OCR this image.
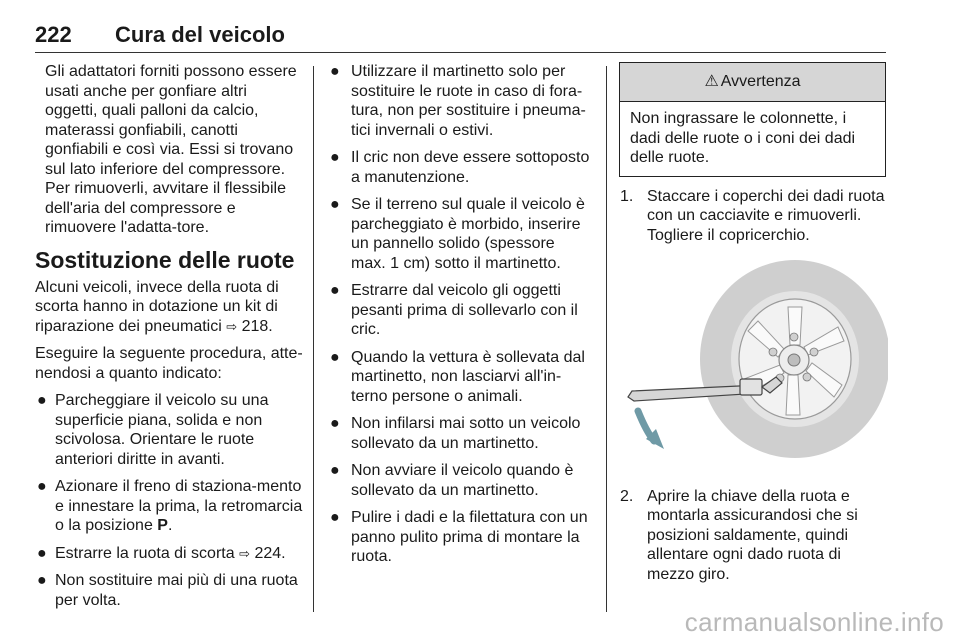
222 Cura del veicolo

Gli adattatori forniti possono essere usati anche per gonfiare altri oggetti, quali palloni da calcio, materassi gonfiabili, canotti gonfiabili e così via. Essi si trovano sul lato inferiore del compressore. Per rimuoverli, avvitare il flessibile dell'aria del compressore e rimuovere l'adatta-tore.

Sostituzione delle ruote

Alcuni veicoli, invece della ruota di scorta hanno in dotazione un kit di riparazione dei pneumatici ⇨ 218.

Eseguire la seguente procedura, atte-nendosi a quanto indicato:

● Parcheggiare il veicolo su una superficie piana, solida e non scivolosa. Orientare le ruote anteriori diritte in avanti.
● Azionare il freno di staziona-mento e innestare la prima, la retromarcia o la posizione P.
● Estrarre la ruota di scorta ⇨ 224.
● Non sostituire mai più di una ruota per volta.
● Utilizzare il martinetto solo per sostituire le ruote in caso di fora-tura, non per sostituire i pneuma-tici invernali o estivi.
● Il cric non deve essere sottoposto a manutenzione.
● Se il terreno sul quale il veicolo è parcheggiato è morbido, inserire un pannello solido (spessore max. 1 cm) sotto il martinetto.
● Estrarre dal veicolo gli oggetti pesanti prima di sollevarlo con il cric.
● Quando la vettura è sollevata dal martinetto, non lasciarvi all'in-terno persone o animali.
● Non infilarsi mai sotto un veicolo sollevato da un martinetto.
● Non avviare il veicolo quando è sollevato da un martinetto.
● Pulire i dadi e la filettatura con un panno pulito prima di montare la ruota.
⚠ Avvertenza
Non ingrassare le colonnette, i dadi delle ruote o i coni dei dadi delle ruote.
1. Staccare i coperchi dei dadi ruota con un cacciavite e rimuoverli. Togliere il copricerchio.
2. Aprire la chiave della ruota e montarla assicurandosi che si posizioni saldamente, quindi allentare ogni dado ruota di mezzo giro.
carmanualsonline.info
